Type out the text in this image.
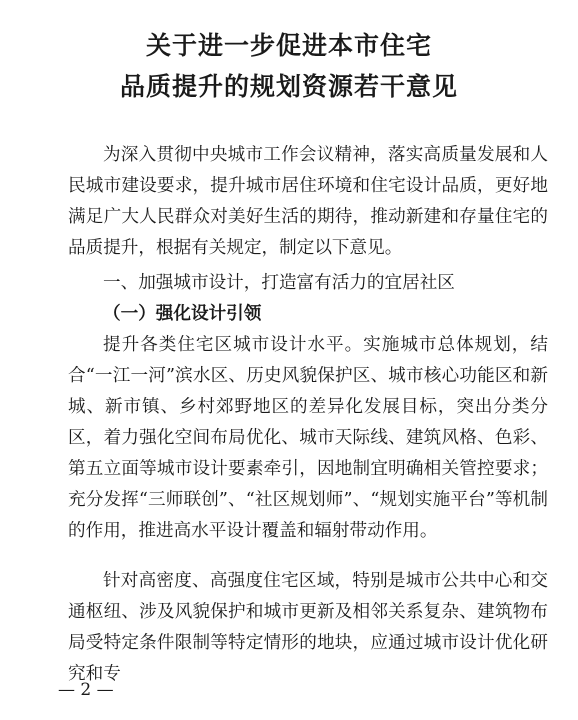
关于进一步促进本市住宅
品质提升的规划资源若干意见

为深入贯彻中央城市工作会议精神，落实高质量发展和人民城市建设要求，提升城市居住环境和住宅设计品质，更好地满足广大人民群众对美好生活的期待，推动新建和存量住宅的品质提升，根据有关规定，制定以下意见。

一、加强城市设计，打造富有活力的宜居社区
（一）强化设计引领

提升各类住宅区城市设计水平。实施城市总体规划，结合“一江一河”滨水区、历史风貌保护区、城市核心功能区和新城、新市镇、乡村郊野地区的差异化发展目标，突出分类分区，着力强化空间布局优化、城市天际线、建筑风格、色彩、第五立面等城市设计要素牵引，因地制宜明确相关管控要求；充分发挥“三师联创”、“社区规划师”、“规划实施平台”等机制的作用，推进高水平设计覆盖和辐射带动作用。

针对高密度、高强度住宅区域，特别是城市公共中心和交通枢纽、涉及风貌保护和城市更新及相邻关系复杂、建筑物布局受特定条件限制等特定情形的地块，应通过城市设计优化研究和专

— 2 —
